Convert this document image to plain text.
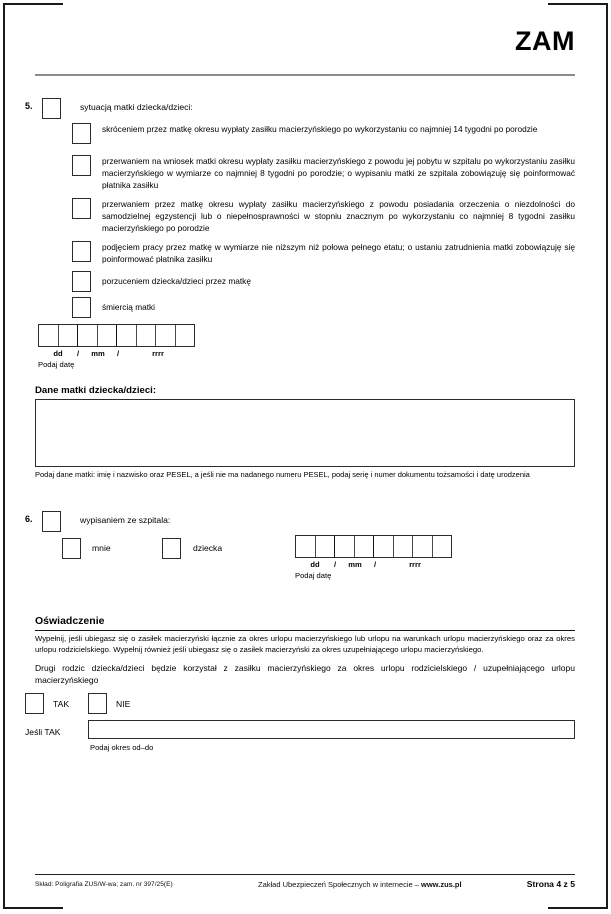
ZAM
5.	sytuacją matki dziecka/dzieci:
skróceniem przez matkę okresu wypłaty zasiłku macierzyńskiego po wykorzystaniu co najmniej 14 tygodni po porodzie
przerwaniem na wniosek matki okresu wypłaty zasiłku macierzyńskiego z powodu jej pobytu w szpitalu po wykorzystaniu zasiłku macierzyńskiego w wymiarze co najmniej 8 tygodni po porodzie; o wypisaniu matki ze szpitala zobowiązuję się poinformować płatnika zasiłku
przerwaniem przez matkę okresu wypłaty zasiłku macierzyńskiego z powodu posiadania orzeczenia o niezdolności do samodzielnej egzystencji lub o niepełnosprawności w stopniu znacznym po wykorzystaniu co najmniej 8 tygodni zasiłku macierzyńskiego po porodzie
podjęciem pracy przez matkę w wymiarze nie niższym niż połowa pełnego etatu; o ustaniu zatrudnienia matki zobowiązuję się poinformować płatnika zasiłku
porzuceniem dziecka/dzieci przez matkę
śmiercią matki
dd	/	mm	/	rrrr
Podaj datę
Dane matki dziecka/dzieci:
Podaj dane matki: imię i nazwisko oraz PESEL, a jeśli nie ma nadanego numeru PESEL, podaj serię i numer dokumentu tożsamości i datę urodzenia
6.	wypisaniem ze szpitala:
mnie	dziecka
dd	/	mm	/	rrrr
Podaj datę
Oświadczenie
Wypełnij, jeśli ubiegasz się o zasiłek macierzyński łącznie za okres urlopu macierzyńskiego lub urlopu na warunkach urlopu macierzyńskiego oraz za okres urlopu rodzicielskiego. Wypełnij również jeśli ubiegasz się o zasiłek macierzyński za okres uzupełniającego urlopu macierzyńskiego.
Drugi rodzic dziecka/dzieci będzie korzystał z zasiłku macierzyńskiego za okres urlopu rodzicielskiego / uzupełniającego urlopu macierzyńskiego
TAK	NIE
Jeśli TAK
Podaj okres od–do
Skład: Poligrafia ZUS/W-wa; zam. nr 397/25(E)	Zakład Ubezpieczeń Społecznych w internecie – www.zus.pl	Strona 4 z 5
